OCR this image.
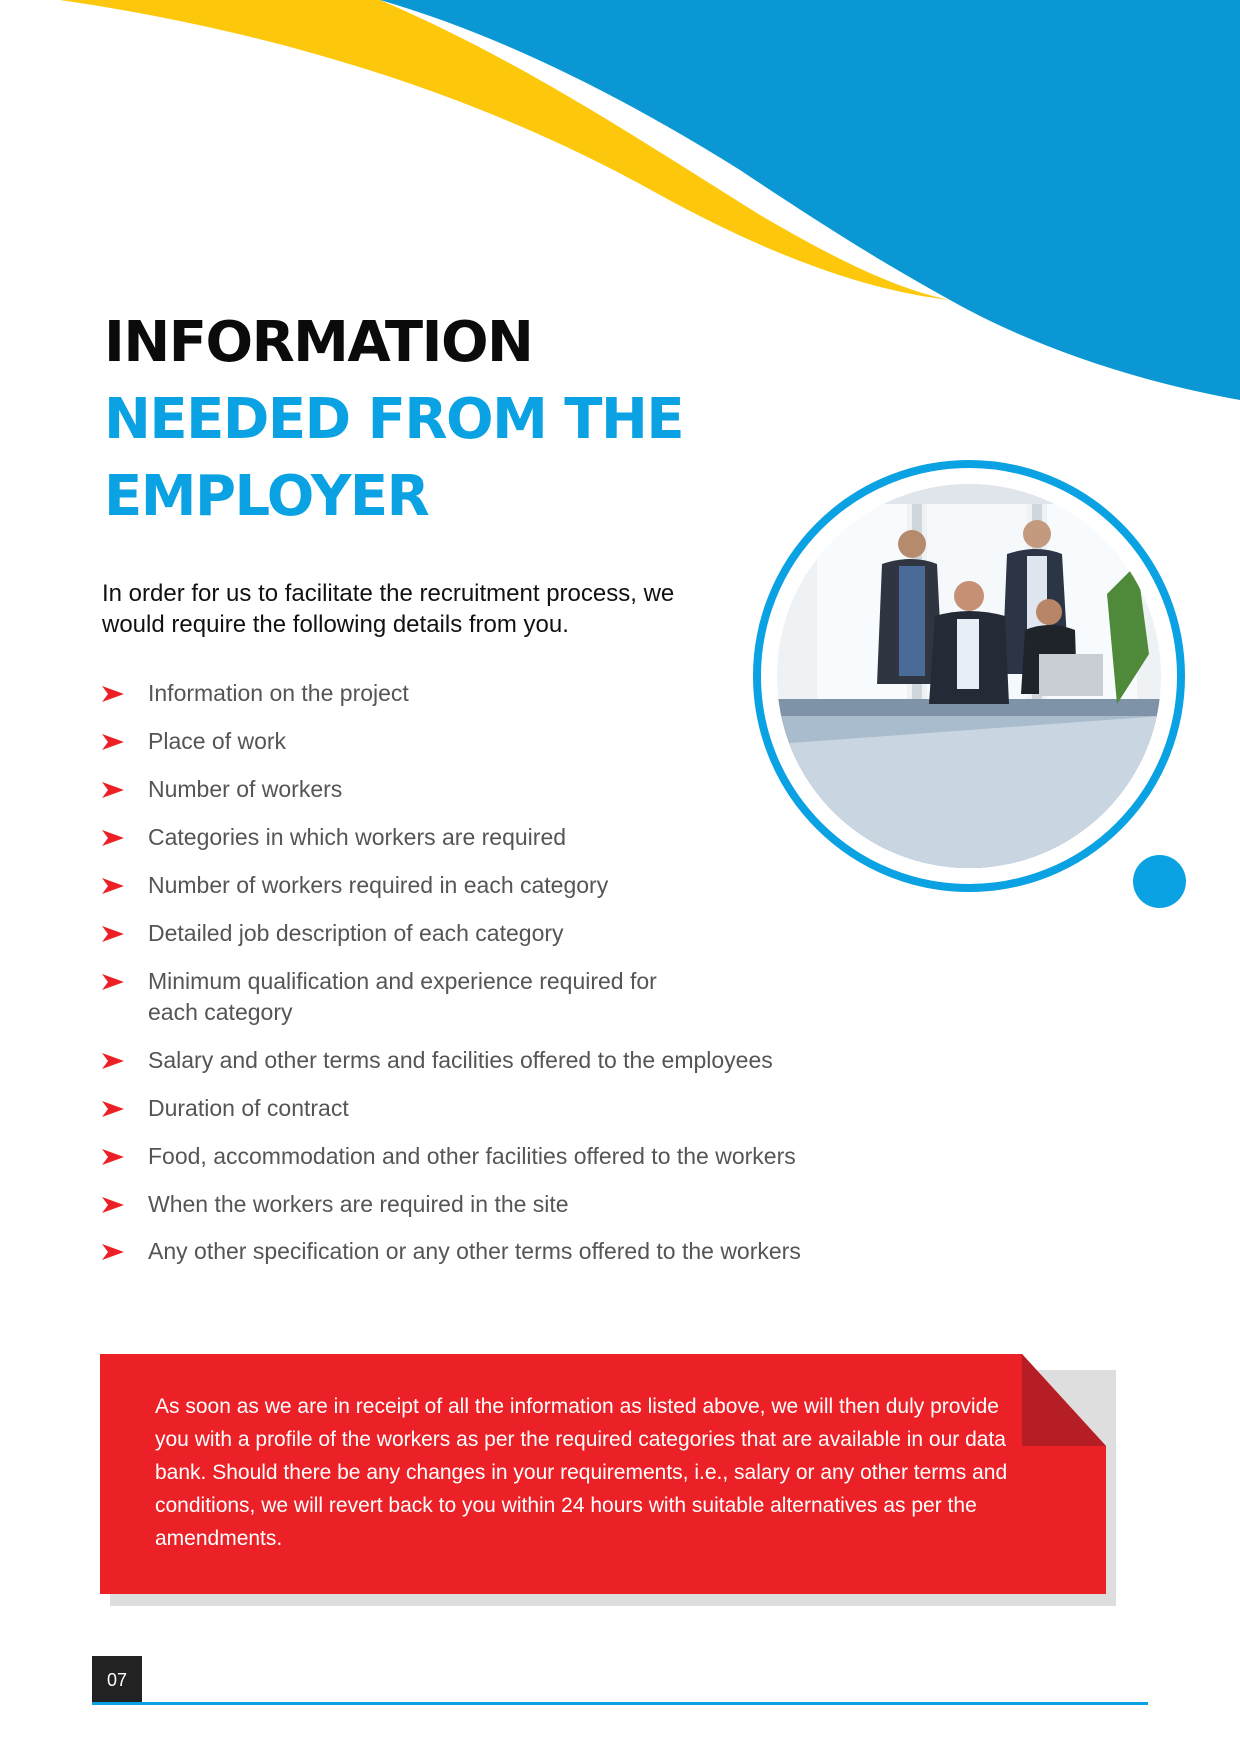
INFORMATION
NEEDED FROM THE
EMPLOYER

In order for us to facilitate the recruitment process, we would require the following details from you.

Information on the project
Place of work
Number of workers
Categories in which workers are required
Number of workers required in each category
Detailed job description of each category
Minimum qualification and experience required for each category
Salary and other terms and facilities offered to the employees
Duration of contract
Food, accommodation and other facilities offered to the workers
When the workers are required in the site
Any other specification or any other terms offered to the workers

As soon as we are in receipt of all the information as listed above, we will then duly provide you with a profile of the workers as per the required categories that are available in our data bank. Should there be any changes in your requirements, i.e., salary or any other terms and conditions, we will revert back to you within 24 hours with suitable alternatives as per the amendments.

07
